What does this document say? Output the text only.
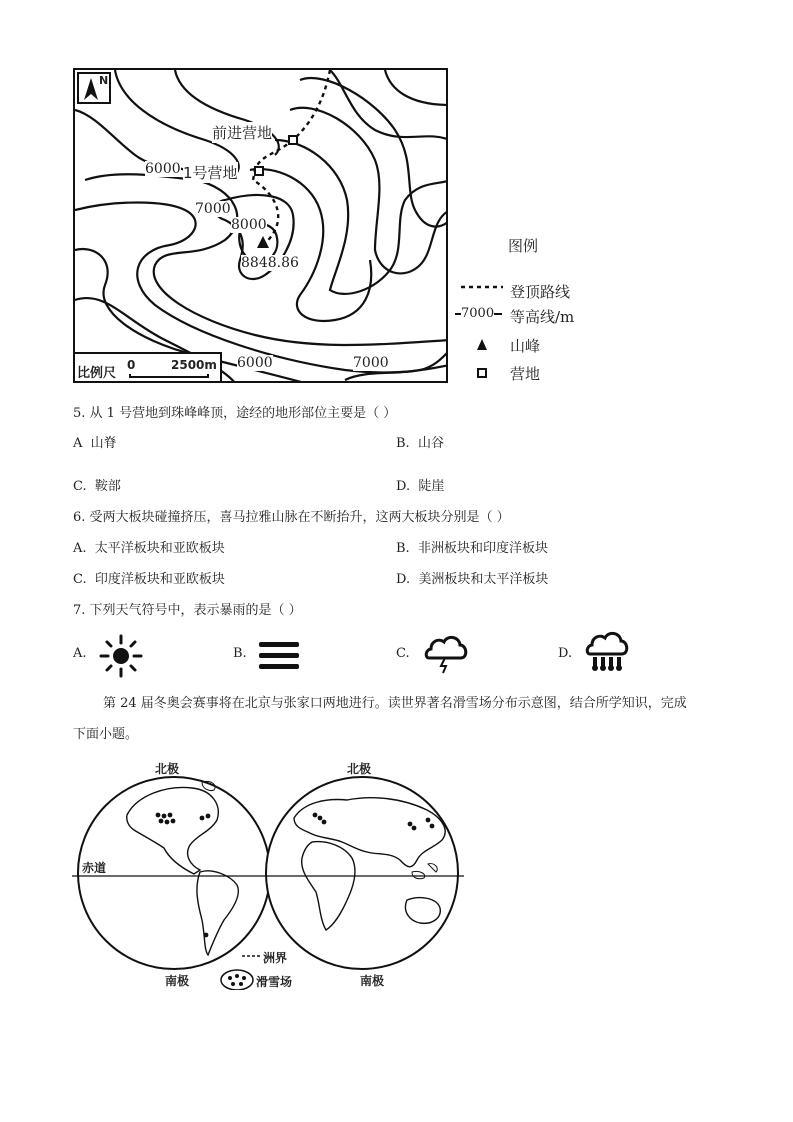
N
前进营地
6000 1号营地
7000
8000
8848.86
6000	7000
比例尺
0	2500m
图例
登顶路线
7000	等高线/m
山峰
营地
5. 从 1 号营地到珠峰峰顶，途经的地形部位主要是（ ）
A 山脊	B. 山谷
C. 鞍部	D. 陡崖
6. 受两大板块碰撞挤压，喜马拉雅山脉在不断抬升，这两大板块分别是（ ）
A. 太平洋板块和亚欧板块	B. 非洲板块和印度洋板块
C. 印度洋板块和亚欧板块	D. 美洲板块和太平洋板块
7. 下列天气符号中，表示暴雨的是（ ）
A.	B.	C.	D.
第 24 届冬奥会赛事将在北京与张家口两地进行。读世界著名滑雪场分布示意图，结合所学知识，完成
下面小题。
北极	北极
赤道
南极	南极
洲界
滑雪场
